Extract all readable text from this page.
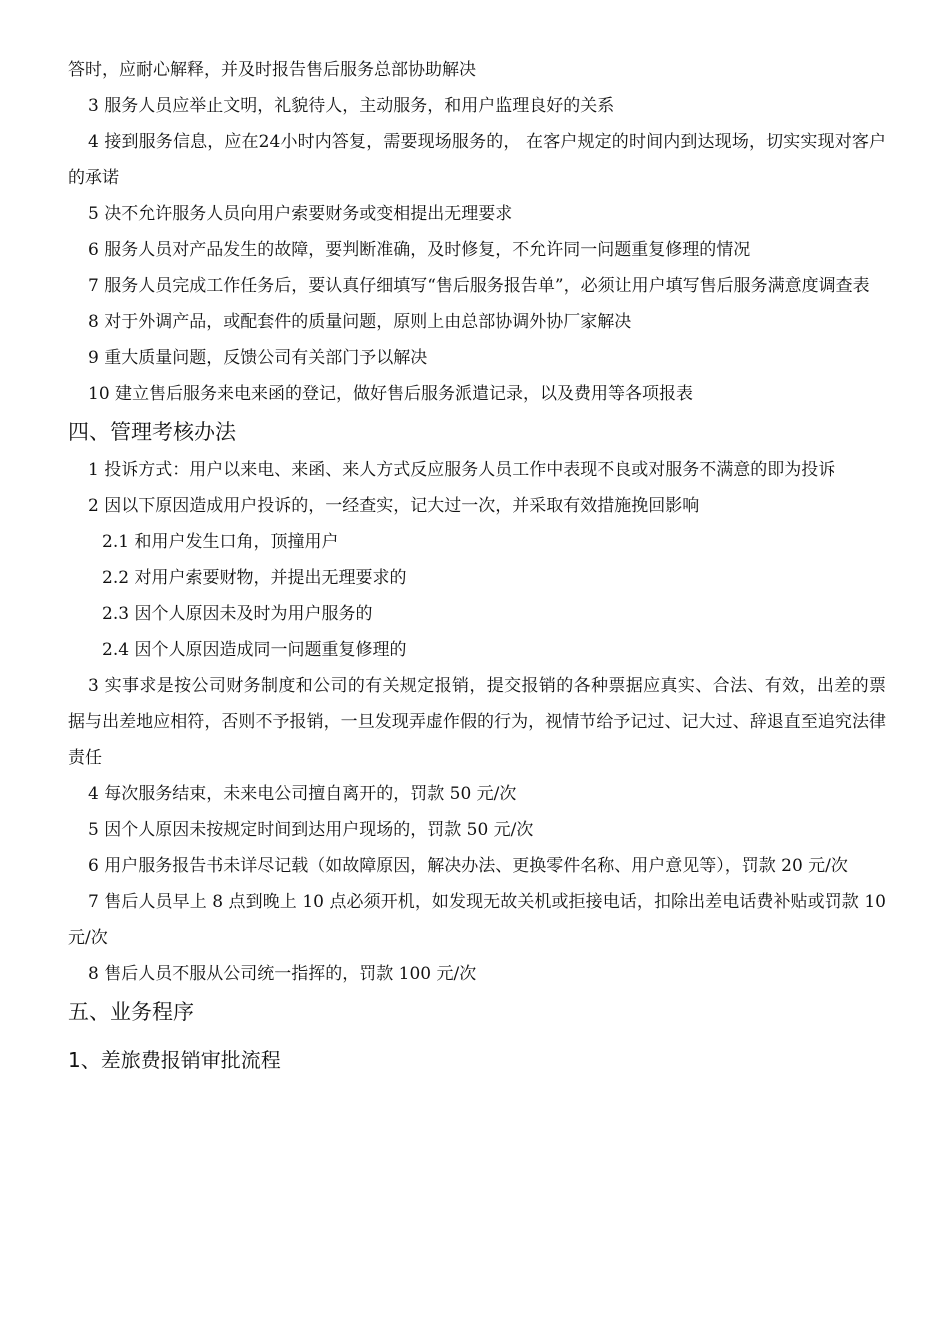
答时，应耐心解释，并及时报告售后服务总部协助解决

3 服务人员应举止文明，礼貌待人，主动服务，和用户监理良好的关系

4 接到服务信息，应在24小时内答复，需要现场服务的， 在客户规定的时间内到达现场，切实实现对客户的承诺

5 决不允许服务人员向用户索要财务或变相提出无理要求

6 服务人员对产品发生的故障，要判断准确，及时修复，不允许同一问题重复修理的情况

7 服务人员完成工作任务后，要认真仔细填写“售后服务报告单”，必须让用户填写售后服务满意度调查表

8 对于外调产品，或配套件的质量问题，原则上由总部协调外协厂家解决

9 重大质量问题，反馈公司有关部门予以解决

10 建立售后服务来电来函的登记，做好售后服务派遣记录，以及费用等各项报表

四、管理考核办法

1 投诉方式：用户以来电、来函、来人方式反应服务人员工作中表现不良或对服务不满意的即为投诉

2 因以下原因造成用户投诉的，一经查实，记大过一次，并采取有效措施挽回影响

2.1 和用户发生口角，顶撞用户

2.2 对用户索要财物，并提出无理要求的

2.3 因个人原因未及时为用户服务的

2.4 因个人原因造成同一问题重复修理的

3 实事求是按公司财务制度和公司的有关规定报销，提交报销的各种票据应真实、合法、有效，出差的票据与出差地应相符，否则不予报销，一旦发现弄虚作假的行为，视情节给予记过、记大过、辞退直至追究法律责任

4 每次服务结束，未来电公司擅自离开的，罚款 50 元/次

5 因个人原因未按规定时间到达用户现场的，罚款 50 元/次

6 用户服务报告书未详尽记载（如故障原因，解决办法、更换零件名称、用户意见等），罚款 20 元/次

7 售后人员早上 8 点到晚上 10 点必须开机，如发现无故关机或拒接电话，扣除出差电话费补贴或罚款 10 元/次

8 售后人员不服从公司统一指挥的，罚款 100 元/次

五、业务程序
1、差旅费报销审批流程
